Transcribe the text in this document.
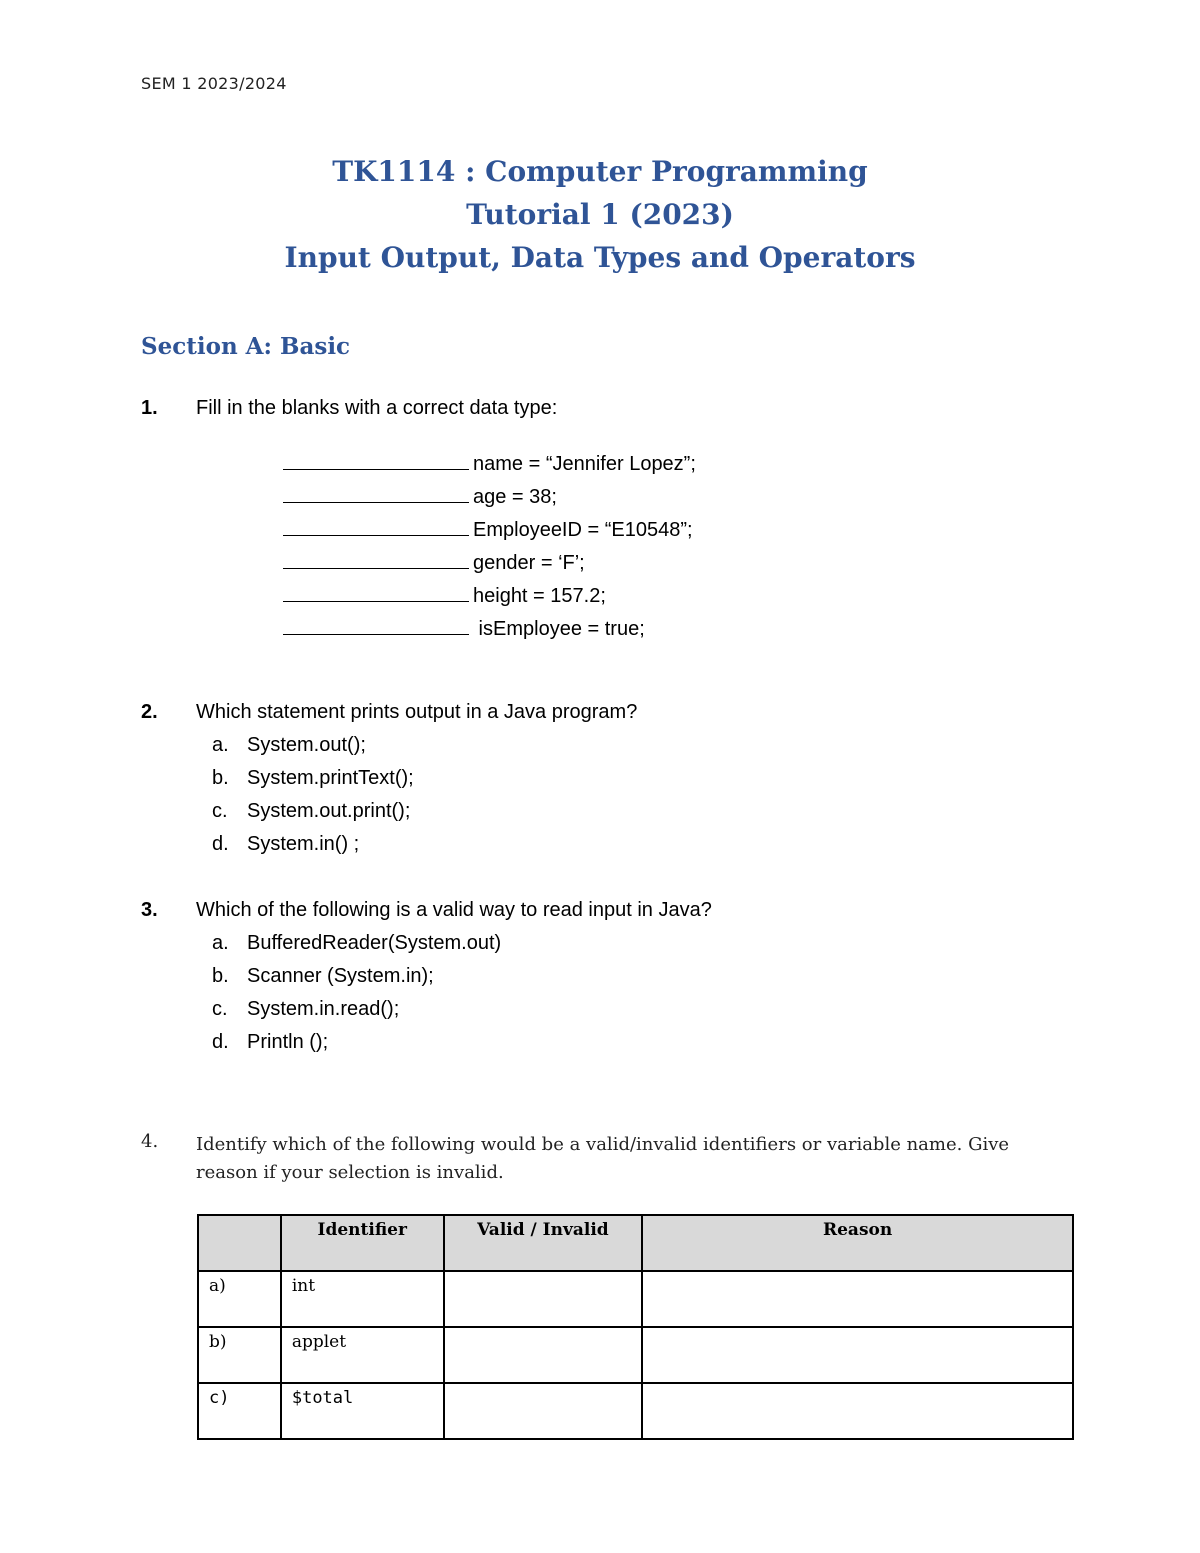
SEM 1 2023/2024
TK1114 : Computer Programming
Tutorial 1 (2023)
Input Output, Data Types and Operators
Section A: Basic
1. Fill in the blanks with a correct data type:
name = “Jennifer Lopez”;
age = 38;
EmployeeID = “E10548”;
gender = ‘F’;
height = 157.2;
isEmployee = true;
2. Which statement prints output in a Java program?
a. System.out();
b. System.printText();
c. System.out.print();
d. System.in() ;
3. Which of the following is a valid way to read input in Java?
a. BufferedReader(System.out)
b. Scanner (System.in);
c. System.in.read();
d. Println ();
4. Identify which of the following would be a valid/invalid identifiers or variable name. Give reason if your selection is invalid.
	Identifier	Valid / Invalid	Reason
a)	int		
b)	applet		
c)	$total		
